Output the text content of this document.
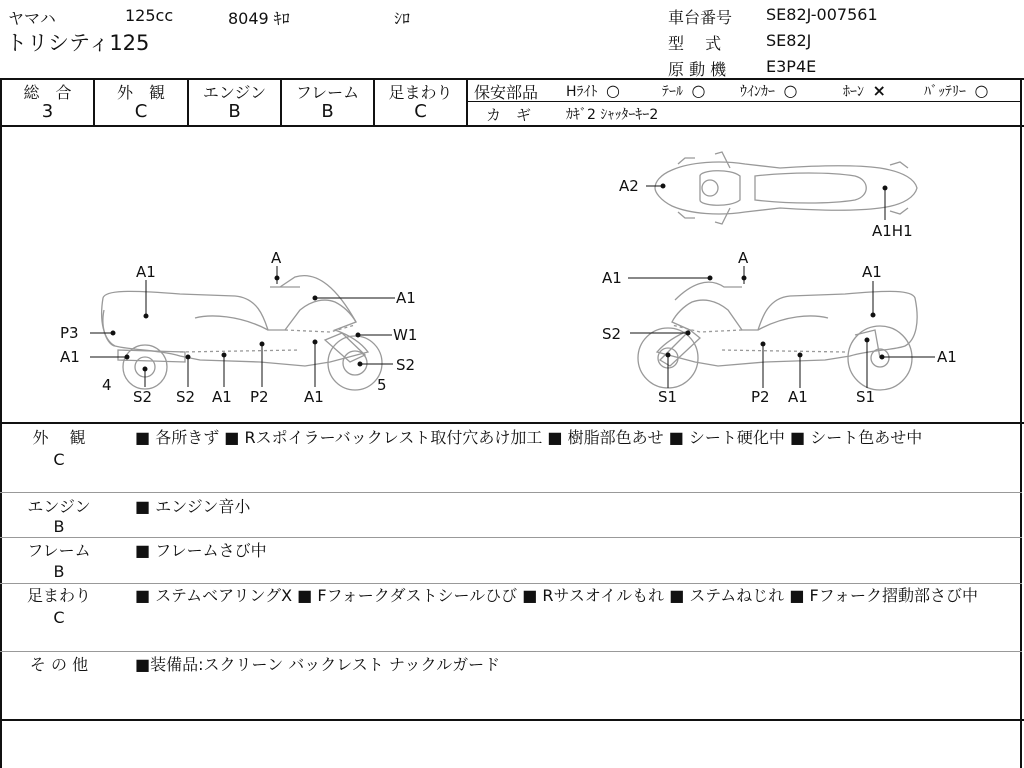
ヤマハ	125cc	8049 ｷﾛ	ｼﾛ
トリシティ125
車台番号 SE82J-007561
型　 式	SE82J
原 動 機 E3P4E
総　合
3
外　観
C
エンジン
B
フレーム
B
足まわり
C
保安部品 Hﾗｲﾄ ○	ﾃｰﾙ ○ ｳｲﾝｶｰ ○	ﾎｰﾝ ×	ﾊﾞｯﾃﾘｰ ○
カ　ギ ｶｷﾞ2 ｼｬｯﾀｰｷｰ2
A1
A
A1
W1
S2
5
P3
A1
4
S2 S2 A1 P2 A1
A
A1	A1
S2
A1
S1	P2 A1	S1
A2
A1H1
外　 観
C
■ 各所きず ■ Rスポイラーバックレスト取付穴あけ加工 ■ 樹脂部色あせ ■ シート硬化中 ■ シート色あせ中
エンジン
B
■ エンジン音小
フレーム
B
■ フレームさび中
足まわり
C
■ ステムベアリングX ■ Fフォークダストシールひび ■ Rサスオイルもれ ■ ステムねじれ ■ Fフォーク摺動部さび中
そ の 他	■装備品:スクリーン バックレスト ナックルガード
